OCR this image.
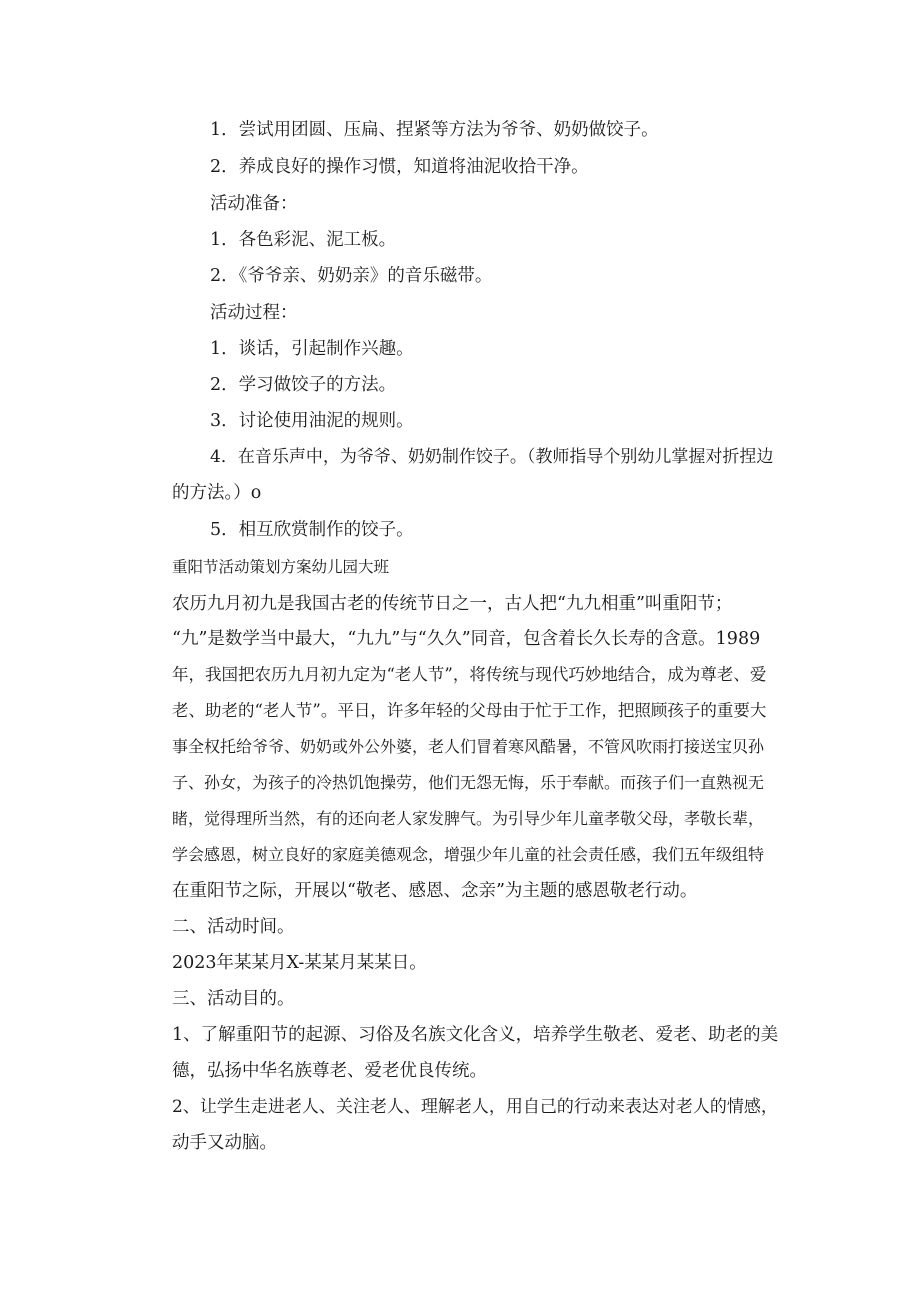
1．尝试用团圆、压扁、捏紧等方法为爷爷、奶奶做饺子。
2．养成良好的操作习惯，知道将油泥收拾干净。
活动准备：
1．各色彩泥、泥工板。
2．《爷爷亲、奶奶亲》的音乐磁带。
活动过程：
1．谈话，引起制作兴趣。
2．学习做饺子的方法。
3．讨论使用油泥的规则。
4．在音乐声中，为爷爷、奶奶制作饺子。（教师指导个别幼儿掌握对折捏边
的方法。）o
5．相互欣赏制作的饺子。
重阳节活动策划方案幼儿园大班
农历九月初九是我国古老的传统节日之一，古人把“九九相重”叫重阳节；
“九”是数学当中最大，“九九”与“久久”同音，包含着长久长寿的含意。1989
年，我国把农历九月初九定为“老人节”，将传统与现代巧妙地结合，成为尊老、爱
老、助老的“老人节”。平日，许多年轻的父母由于忙于工作，把照顾孩子的重要大
事全权托给爷爷、奶奶或外公外婆，老人们冒着寒风酷暑，不管风吹雨打接送宝贝孙
子、孙女，为孩子的冷热饥饱操劳，他们无怨无悔，乐于奉献。而孩子们一直熟视无
睹，觉得理所当然，有的还向老人家发脾气。为引导少年儿童孝敬父母，孝敬长辈，
学会感恩，树立良好的家庭美德观念，增强少年儿童的社会责任感，我们五年级组特
在重阳节之际，开展以“敬老、感恩、念亲”为主题的感恩敬老行动。
二、活动时间。
2023年某某月X-某某月某某日。
三、活动目的。
1、了解重阳节的起源、习俗及名族文化含义，培养学生敬老、爱老、助老的美
德，弘扬中华名族尊老、爱老优良传统。
2、让学生走进老人、关注老人、理解老人，用自己的行动来表达对老人的情感，
动手又动脑。
